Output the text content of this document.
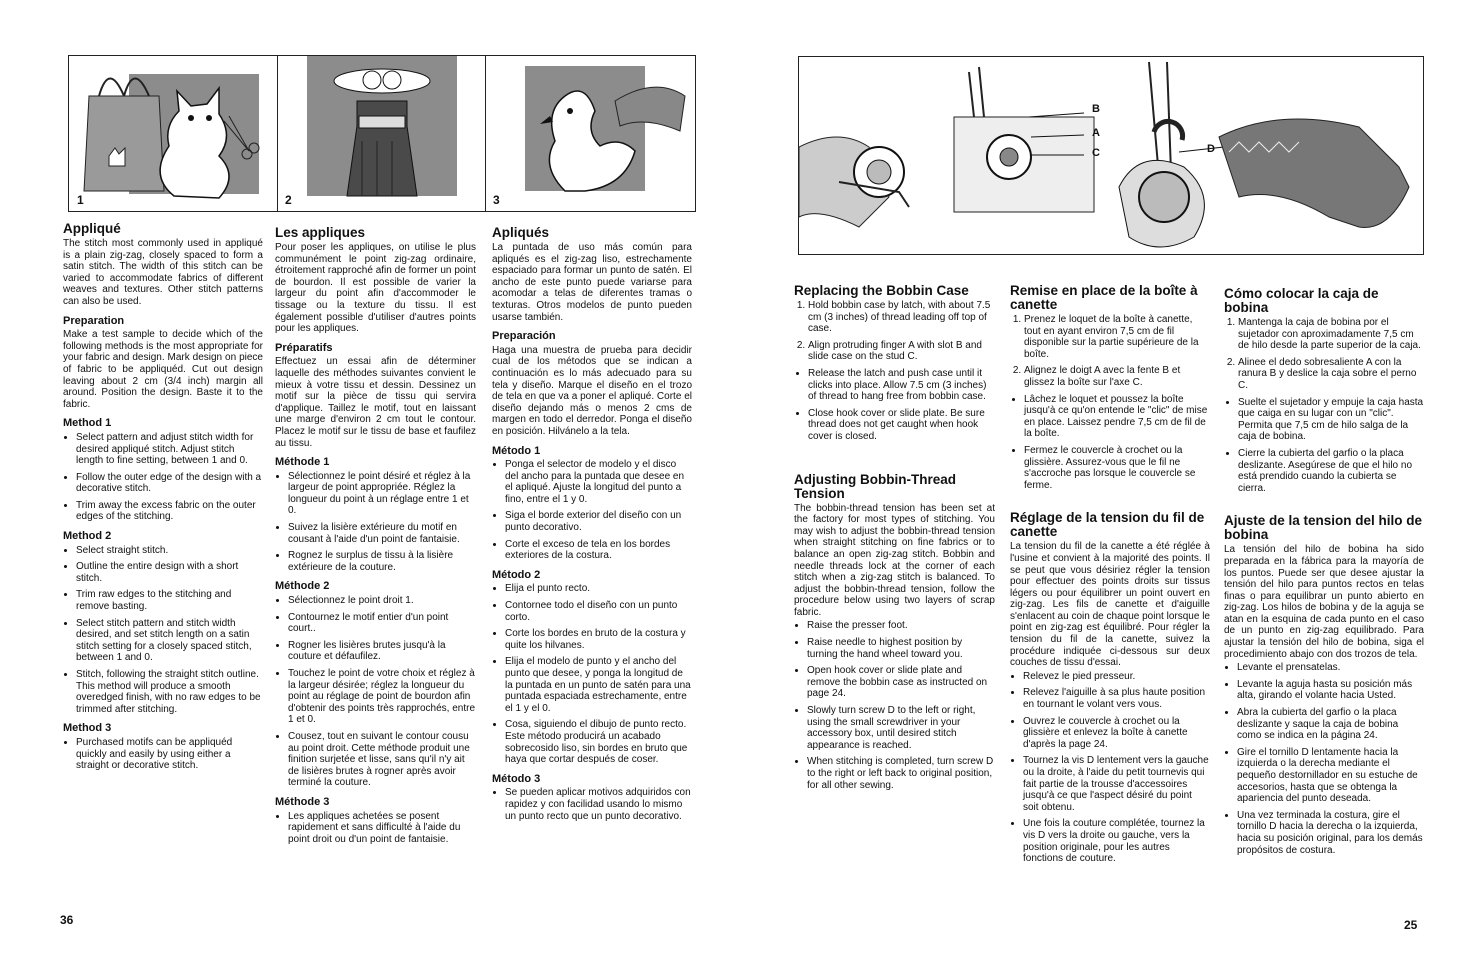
1	2	3
Appliqué

The stitch most commonly used in appliqué is a plain zig-zag, closely spaced to form a satin stitch. The width of this stitch can be varied to accommodate fabrics of different weaves and textures. Other stitch patterns can also be used.

Preparation

Make a test sample to decide which of the following methods is the most appropriate for your fabric and design. Mark design on piece of fabric to be appliquéd. Cut out design leaving about 2 cm (3/4 inch) margin all around. Position the design. Baste it to the fabric.

Method 1
• Select pattern and adjust stitch width for desired appliqué stitch. Adjust stitch length to fine setting, between 1 and 0.
• Follow the outer edge of the design with a decorative stitch.
• Trim away the excess fabric on the outer edges of the stitching.
Method 2
• Select straight stitch.
• Outline the entire design with a short stitch.
• Trim raw edges to the stitching and remove basting.
• Select stitch pattern and stitch width desired, and set stitch length on a satin stitch setting for a closely spaced stitch, between 1 and 0.
• Stitch, following the straight stitch outline. This method will produce a smooth overedged finish, with no raw edges to be trimmed after stitching.
Method 3
• Purchased motifs can be appliquéd quickly and easily by using either a straight or decorative stitch.
Les appliques

Pour poser les appliques, on utilise le plus communément le point zig-zag ordinaire, étroitement rapproché afin de former un point de bourdon. Il est possible de varier la largeur du point afin d'accommoder le tissage ou la texture du tissu. Il est également possible d'utiliser d'autres points pour les appliques.

Préparatifs

Effectuez un essai afin de déterminer laquelle des méthodes suivantes convient le mieux à votre tissu et dessin. Dessinez un motif sur la pièce de tissu qui servira d'applique. Taillez le motif, tout en laissant une marge d'environ 2 cm tout le contour. Placez le motif sur le tissu de base et faufilez au tissu.

Méthode 1
• Sélectionnez le point désiré et réglez à la largeur de point appropriée. Réglez la longueur du point à un réglage entre 1 et 0.
• Suivez la lisière extérieure du motif en cousant à l'aide d'un point de fantaisie.
• Rognez le surplus de tissu à la lisière extérieure de la couture.
Méthode 2
• Sélectionnez le point droit 1.
• Contournez le motif entier d'un point court..
• Rogner les lisières brutes jusqu'à la couture et défaufilez.
• Touchez le point de votre choix et réglez à la largeur désirée; réglez la longueur du point au réglage de point de bourdon afin d'obtenir des points très rapprochés, entre 1 et 0.
• Cousez, tout en suivant le contour cousu au point droit. Cette méthode produit une finition surjetée et lisse, sans qu'il n'y ait de lisières brutes à rogner après avoir terminé la couture.
Méthode 3
• Les appliques achetées se posent rapidement et sans difficulté à l'aide du point droit ou d'un point de fantaisie.
Apliqués

La puntada de uso más común para apliqués es el zig-zag liso, estrechamente espaciado para formar un punto de satén. El ancho de este punto puede variarse para acomodar a telas de diferentes tramas o texturas. Otros modelos de punto pueden usarse también.

Preparación

Haga una muestra de prueba para decidir cual de los métodos que se indican a continuación es lo más adecuado para su tela y diseño. Marque el diseño en el trozo de tela en que va a poner el apliqué. Corte el diseño dejando más o menos 2 cms de margen en todo el derredor. Ponga el diseño en posición. Hilvánelo a la tela.

Método 1
• Ponga el selector de modelo y el disco del ancho para la puntada que desee en el apliqué. Ajuste la longitud del punto a fino, entre el 1 y 0.
• Siga el borde exterior del diseño con un punto decorativo.
• Corte el exceso de tela en los bordes exteriores de la costura.
Método 2
• Elija el punto recto.
• Contornee todo el diseño con un punto corto.
• Corte los bordes en bruto de la costura y quite los hilvanes.
• Elija el modelo de punto y el ancho del punto que desee, y ponga la longitud de la puntada en un punto de satén para una puntada espaciada estrechamente, entre el 1 y el 0.
• Cosa, siguiendo el dibujo de punto recto. Este método producirá un acabado sobrecosido liso, sin bordes en bruto que haya que cortar después de coser.
Método 3
• Se pueden aplicar motivos adquiridos con rapidez y con facilidad usando lo mismo un punto recto que un punto decorativo.
36
B
A
C	D
Replacing the Bobbin Case
1. Hold bobbin case by latch, with about 7.5 cm (3 inches) of thread leading off top of case.
2. Align protruding finger A with slot B and slide case on the stud C.
• Release the latch and push case until it clicks into place. Allow 7.5 cm (3 inches) of thread to hang free from bobbin case.
• Close hook cover or slide plate. Be sure thread does not get caught when hook cover is closed.
Adjusting Bobbin-Thread Tension

The bobbin-thread tension has been set at the factory for most types of stitching. You may wish to adjust the bobbin-thread tension when straight stitching on fine fabrics or to balance an open zig-zag stitch. Bobbin and needle threads lock at the corner of each stitch when a zig-zag stitch is balanced. To adjust the bobbin-thread tension, follow the procedure below using two layers of scrap fabric.

• Raise the presser foot.
• Raise needle to highest position by turning the hand wheel toward you.
• Open hook cover or slide plate and remove the bobbin case as instructed on page 24.
• Slowly turn screw D to the left or right, using the small screwdriver in your accessory box, until desired stitch appearance is reached.
• When stitching is completed, turn screw D to the right or left back to original position, for all other sewing.
Remise en place de la boîte à canette
1. Prenez le loquet de la boîte à canette, tout en ayant environ 7,5 cm de fil disponible sur la partie supérieure de la boîte.
2. Alignez le doigt A avec la fente B et glissez la boîte sur l'axe C.
• Lâchez le loquet et poussez la boîte jusqu'à ce qu'on entende le "clic" de mise en place. Laissez pendre 7,5 cm de fil de la boîte.
• Fermez le couvercle à crochet ou la glissière. Assurez-vous que le fil ne s'accroche pas lorsque le couvercle se ferme.
Réglage de la tension du fil de canette

La tension du fil de la canette a été réglée à l'usine et convient à la majorité des points. Il se peut que vous désiriez régler la tension pour effectuer des points droits sur tissus légers ou pour équilibrer un point ouvert en zig-zag. Les fils de canette et d'aiguille s'enlacent au coin de chaque point lorsque le point en zig-zag est équilibré. Pour régler la tension du fil de la canette, suivez la procédure indiquée ci-dessous sur deux couches de tissu d'essai.

• Relevez le pied presseur.
• Relevez l'aiguille à sa plus haute position en tournant le volant vers vous.
• Ouvrez le couvercle à crochet ou la glissière et enlevez la boîte à canette d'après la page 24.
• Tournez la vis D lentement vers la gauche ou la droite, à l'aide du petit tournevis qui fait partie de la trousse d'accessoires jusqu'à ce que l'aspect désiré du point soit obtenu.
• Une fois la couture complétée, tournez la vis D vers la droite ou gauche, vers la position originale, pour les autres fonctions de couture.
Cómo colocar la caja de bobina
1. Mantenga la caja de bobina por el sujetador con aproximadamente 7,5 cm de hilo desde la parte superior de la caja.
2. Alinee el dedo sobresaliente A con la ranura B y deslice la caja sobre el perno C.
• Suelte el sujetador y empuje la caja hasta que caiga en su lugar con un "clic". Permita que 7,5 cm de hilo salga de la caja de bobina.
• Cierre la cubierta del garfio o la placa deslizante. Asegúrese de que el hilo no está prendido cuando la cubierta se cierra.
Ajuste de la tension del hilo de bobina

La tensión del hilo de bobina ha sido preparada en la fábrica para la mayoría de los puntos. Puede ser que desee ajustar la tensión del hilo para puntos rectos en telas finas o para equilibrar un punto abierto en zig-zag. Los hilos de bobina y de la aguja se atan en la esquina de cada punto en el caso de un punto en zig-zag equilibrado. Para ajustar la tensión del hilo de bobina, siga el procedimiento abajo con dos trozos de tela.

• Levante el prensatelas.
• Levante la aguja hasta su posición más alta, girando el volante hacia Usted.
• Abra la cubierta del garfio o la placa deslizante y saque la caja de bobina como se indica en la página 24.
• Gire el tornillo D lentamente hacia la izquierda o la derecha mediante el pequeño destornillador en su estuche de accesorios, hasta que se obtenga la apariencia del punto deseada.
• Una vez terminada la costura, gire el tornillo D hacia la derecha o la izquierda, hacia su posición original, para los demás propósitos de costura.
25
